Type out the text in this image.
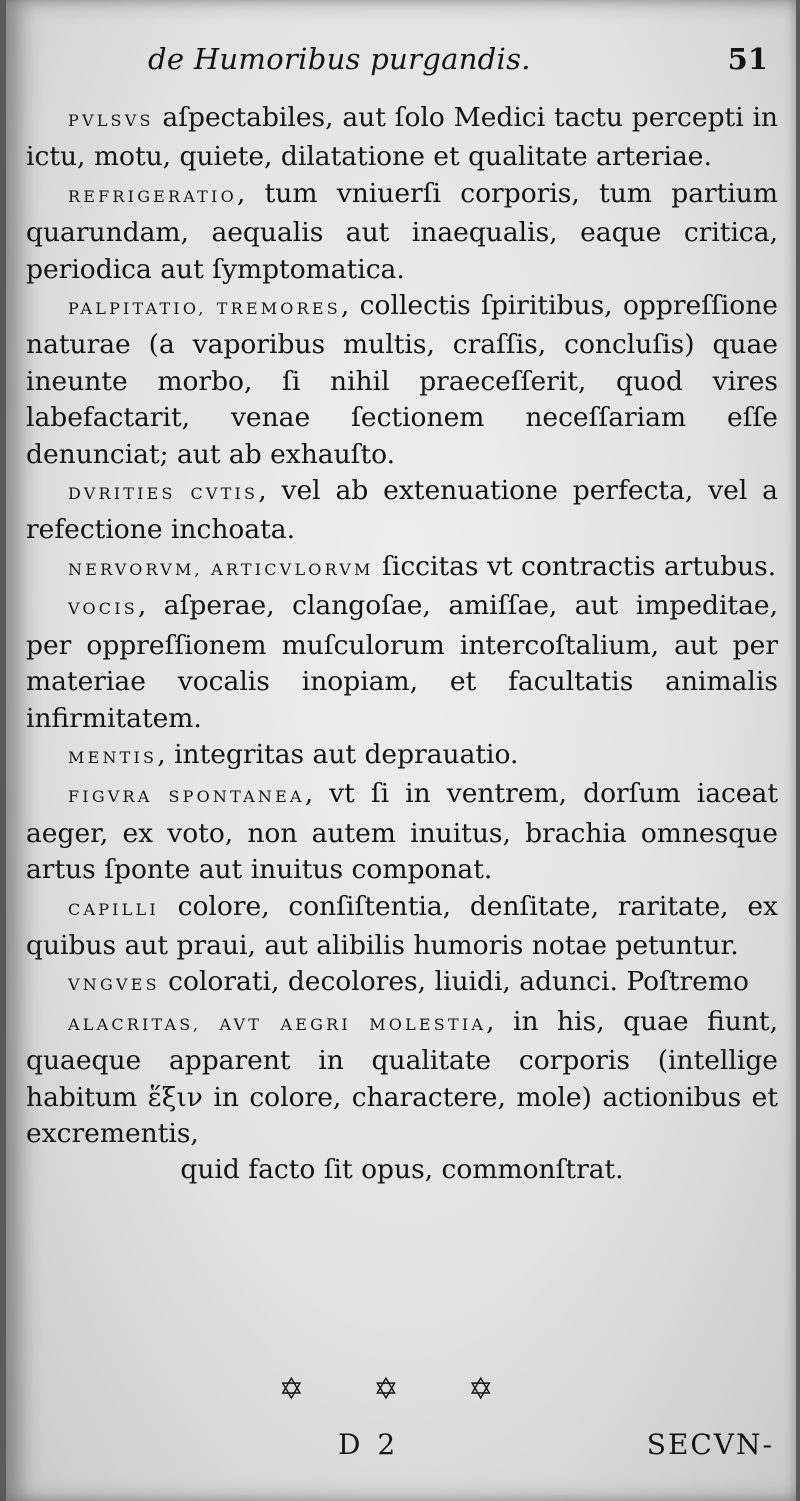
de Humoribus purgandis.	51

PVLSVS aſpectabiles, aut ſolo Medici tactu percepti in ictu, motu, quiete, dilatatione et qualitate arteriae.

REFRIGERATIO, tum vniuerſi corporis, tum partium quarundam, aequalis aut inaequalis, eaque critica, periodica aut ſymptomatica.

PALPITATIO, TREMORES, collectis ſpiritibus, oppreſſione naturae (a vaporibus multis, craſſis, concluſis) quae ineunte morbo, ſi nihil praeceſſerit, quod vires labefactarit, venae ſectionem neceſſariam eſſe denunciat; aut ab exhauſto.

DVRITIES CVTIS, vel ab extenuatione perfecta, vel a refectione inchoata.

NERVORVM, ARTICVLORVM ſiccitas vt contractis artubus.

VOCIS, aſperae, clangoſae, amiſſae, aut impeditae, per oppreſſionem muſculorum intercoſtalium, aut per materiae vocalis inopiam, et facultatis animalis infirmitatem.

MENTIS, integritas aut deprauatio.

FIGVRA SPONTANEA, vt ſi in ventrem, dorſum iaceat aeger, ex voto, non autem inuitus, brachia omnesque artus ſponte aut inuitus componat.

CAPILLI colore, conſiſtentia, denſitate, raritate, ex quibus aut praui, aut alibilis humoris notae petuntur.

VNGVES colorati, decolores, liuidi, adunci. Poſtremo

ALACRITAS, AVT AEGRI MOLESTIA, in his, quae fiunt, quaeque apparent in qualitate corporis (intellige habitum ἕξιν in colore, charactere, mole) actionibus et excrementis,

quid facto ſit opus, commonſtrat.

✡ ✡ ✡
D 2	SECVN-
